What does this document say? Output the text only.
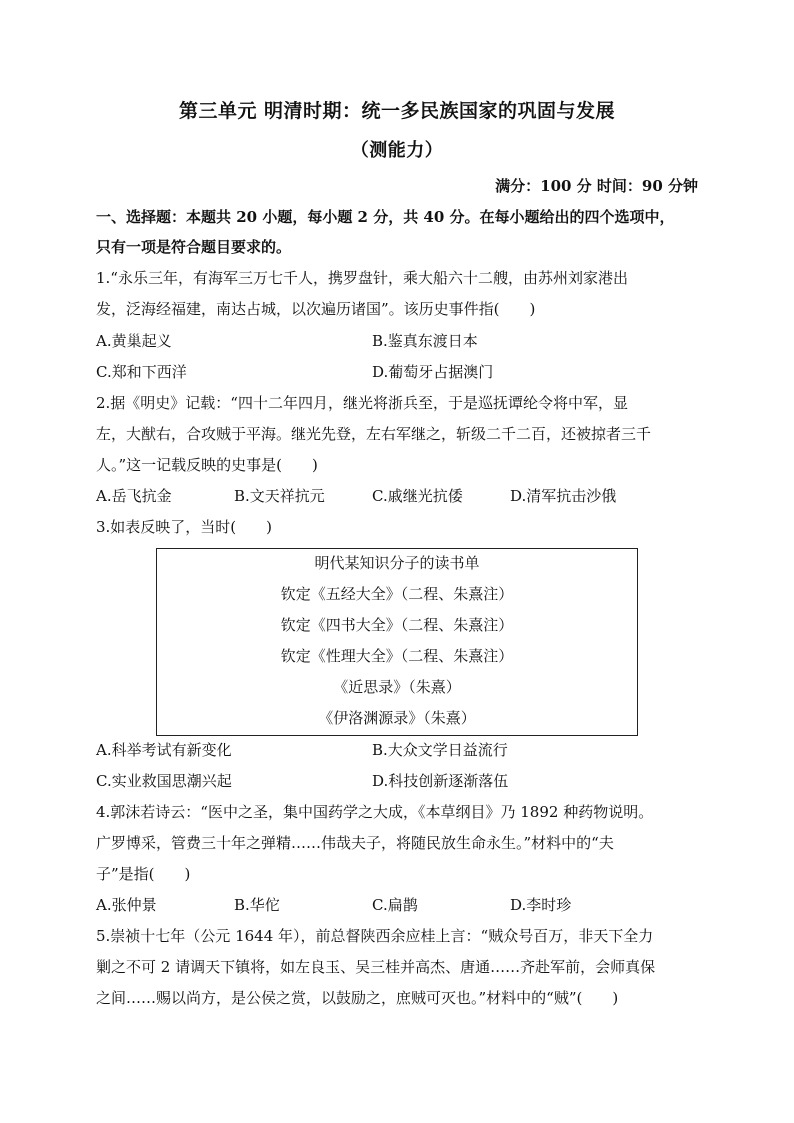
第三单元 明清时期：统一多民族国家的巩固与发展
（测能力）
满分：100 分 时间：90 分钟
一、选择题：本题共 20 小题，每小题 2 分，共 40 分。在每小题给出的四个选项中，
只有一项是符合题目要求的。
1.“永乐三年，有海军三万七千人，携罗盘针，乘大船六十二艘，由苏州刘家港出
发，泛海经福建，南达占城，以次遍历诸国”。该历史事件指(　　)
A.黄巢起义	B.鉴真东渡日本
C.郑和下西洋	D.葡萄牙占据澳门
2.据《明史》记载：“四十二年四月，继光将浙兵至，于是巡抚谭纶令将中军，显
左，大猷右，合攻贼于平海。继光先登，左右军继之，斩级二千二百，还被掠者三千
人。”这一记载反映的史事是(　　)
A.岳飞抗金	B.文天祥抗元	C.戚继光抗倭	D.清军抗击沙俄
3.如表反映了，当时(　　)
明代某知识分子的读书单
钦定《五经大全》（二程、朱熹注）
钦定《四书大全》（二程、朱熹注）
钦定《性理大全》（二程、朱熹注）
《近思录》（朱熹）
《伊洛渊源录》（朱熹）
A.科举考试有新变化	B.大众文学日益流行
C.实业救国思潮兴起	D.科技创新逐渐落伍
4.郭沫若诗云：“医中之圣，集中国药学之大成，《本草纲目》乃 1892 种药物说明。
广罗博采，管费三十年之弹精……伟哉夫子，将随民放生命永生。”材料中的“夫
子”是指(　　)
A.张仲景	B.华佗	C.扁鹊	D.李时珍
5.崇祯十七年（公元 1644 年），前总督陕西余应桂上言：“贼众号百万，非天下全力
剿之不可 2 请调天下镇将，如左良玉、吴三桂并高杰、唐通……齐赴军前，会师真保
之间……赐以尚方，是公侯之赏，以鼓励之，庶贼可灭也。”材料中的“贼”(　　)
